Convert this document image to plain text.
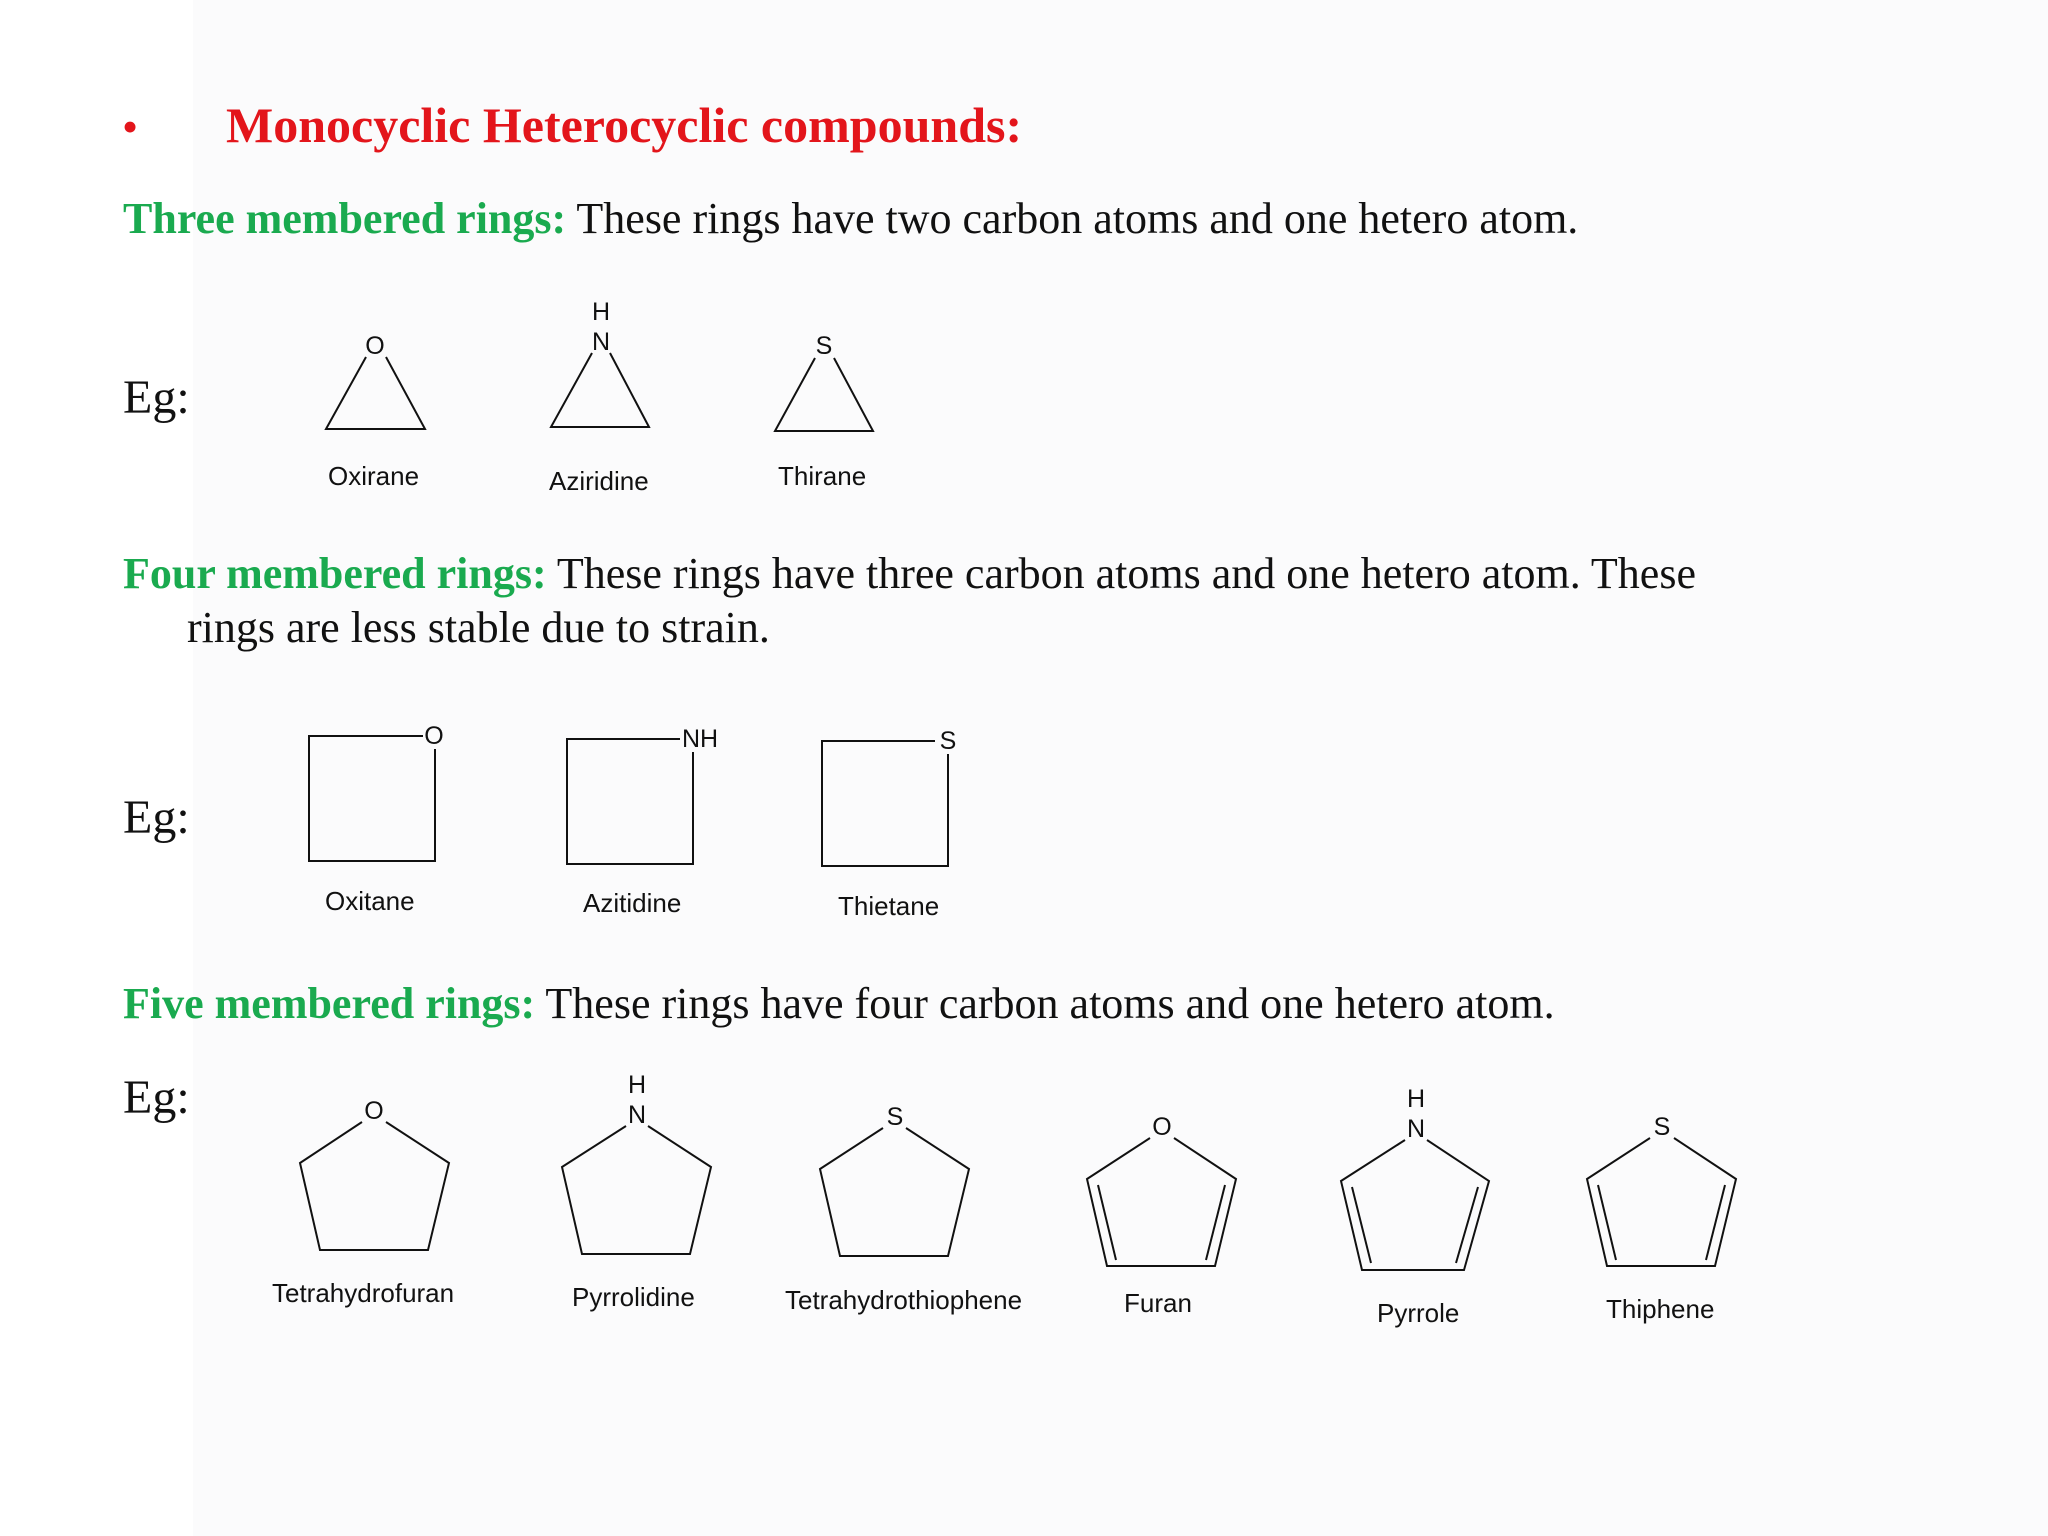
• Monocyclic Heterocyclic compounds:
Three membered rings: These rings have two carbon atoms and one hetero atom.
Eg:
O
H
N	S
Oxirane	Aziridine	Thirane
Four membered rings: These rings have three carbon atoms and one hetero atom. These
rings are less stable due to strain.
Eg:
O	NH	S
Oxitane	Azitidine	Thietane
Five membered rings: These rings have four carbon atoms and one hetero atom.
Eg:	O
H
N	S	O
H
N	S
Tetrahydrofuran	Pyrrolidine	Tetrahydrothiophene	Furan	Pyrrole	Thiphene
